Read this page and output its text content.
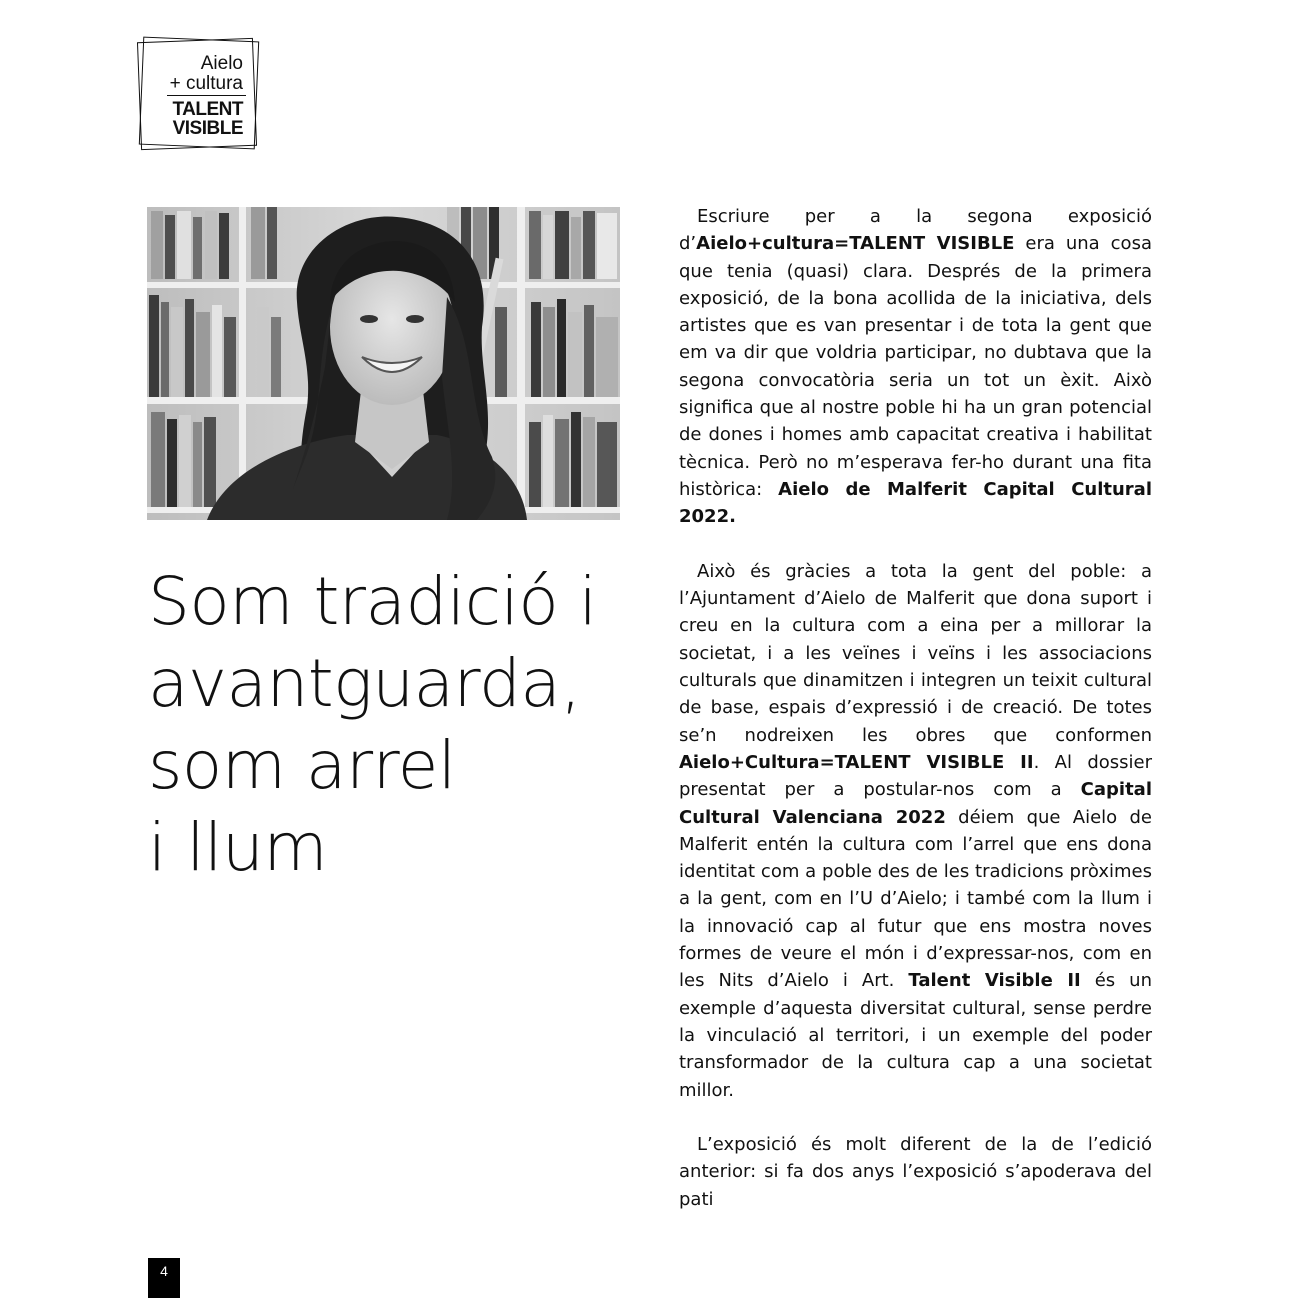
Aielo
+ cultura
TALENT
VISIBLE
Som tradició i
avantguarda,
som arrel
i llum

Escriure per a la segona exposició d’Aielo+cultura=TALENT VISIBLE era una cosa que tenia (quasi) clara. Després de la primera exposició, de la bona acollida de la iniciativa, dels artistes que es van presentar i de tota la gent que em va dir que voldria participar, no dubtava que la segona convocatòria seria un tot un èxit. Això significa que al nostre poble hi ha un gran potencial de dones i homes amb capacitat creativa i habilitat tècnica. Però no m’esperava fer-ho durant una fita històrica: Aielo de Malferit Capital Cultural 2022.

Això és gràcies a tota la gent del poble: a l’Ajuntament d’Aielo de Malferit que dona suport i creu en la cultura com a eina per a millorar la societat, i a les veïnes i veïns i les associacions culturals que dinamitzen i integren un teixit cultural de base, espais d’expressió i de creació. De totes se’n nodreixen les obres que conformen Aielo+Cultura=TALENT VISIBLE II. Al dossier presentat per a postular-nos com a Capital Cultural Valenciana 2022 déiem que Aielo de Malferit entén la cultura com l’arrel que ens dona identitat com a poble des de les tradicions pròximes a la gent, com en l’U d’Aielo; i també com la llum i la innovació cap al futur que ens mostra noves formes de veure el món i d’expressar-nos, com en les Nits d’Aielo i Art. Talent Visible II és un exemple d’aquesta diversitat cultural, sense perdre la vinculació al territori, i un exemple del poder transformador de la cultura cap a una societat millor.

L’exposició és molt diferent de la de l’edició anterior: si fa dos anys l’exposició s’apoderava del pati

4
